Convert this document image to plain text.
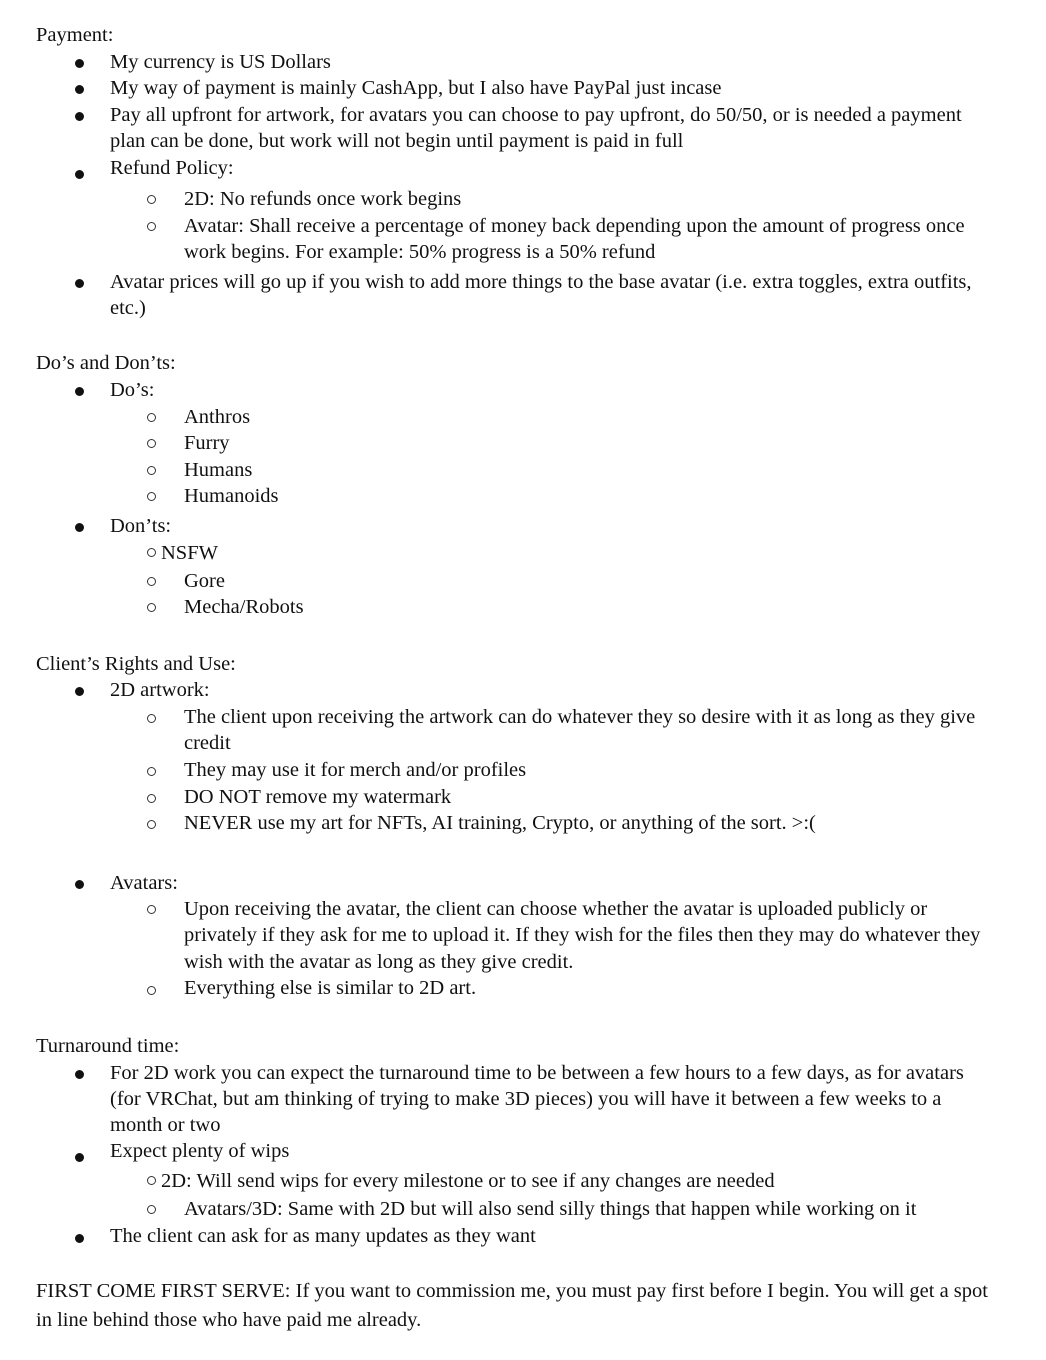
Payment:
My currency is US Dollars
My way of payment is mainly CashApp, but I also have PayPal just incase
Pay all upfront for artwork, for avatars you can choose to pay upfront, do 50/50, or is needed a payment
plan can be done, but work will not begin until payment is paid in full
Refund Policy:
2D: No refunds once work begins
Avatar: Shall receive a percentage of money back depending upon the amount of progress once
work begins. For example: 50% progress is a 50% refund
Avatar prices will go up if you wish to add more things to the base avatar (i.e. extra toggles, extra outfits,
etc.)
Do’s and Don’ts:
Do’s:
Anthros
Furry
Humans
Humanoids
Don’ts:
NSFW
Gore
Mecha/Robots
Client’s Rights and Use:
2D artwork:
The client upon receiving the artwork can do whatever they so desire with it as long as they give
credit
They may use it for merch and/or profiles
DO NOT remove my watermark
NEVER use my art for NFTs, AI training, Crypto, or anything of the sort. >:(
Avatars:
Upon receiving the avatar, the client can choose whether the avatar is uploaded publicly or
privately if they ask for me to upload it. If they wish for the files then they may do whatever they
wish with the avatar as long as they give credit.
Everything else is similar to 2D art.
Turnaround time:
For 2D work you can expect the turnaround time to be between a few hours to a few days, as for avatars
(for VRChat, but am thinking of trying to make 3D pieces) you will have it between a few weeks to a
month or two
Expect plenty of wips
2D: Will send wips for every milestone or to see if any changes are needed
Avatars/3D: Same with 2D but will also send silly things that happen while working on it
The client can ask for as many updates as they want
FIRST COME FIRST SERVE: If you want to commission me, you must pay first before I begin. You will get a spot
in line behind those who have paid me already.
